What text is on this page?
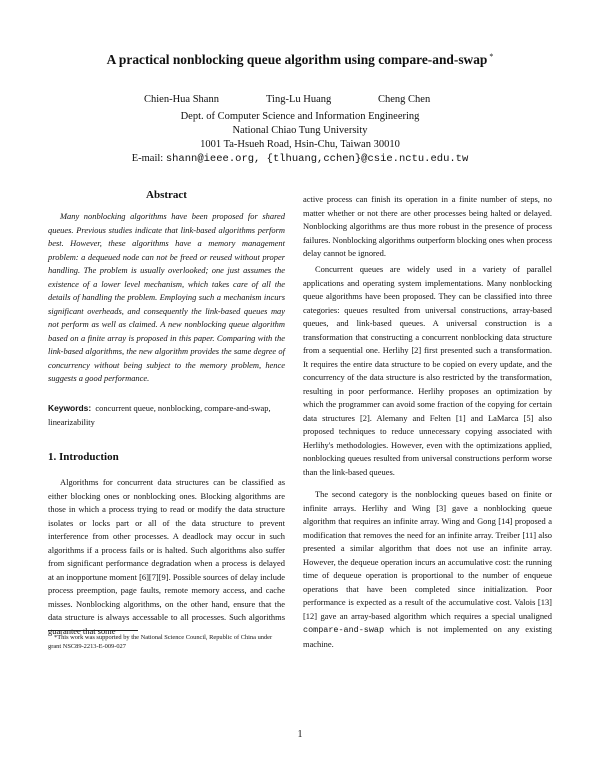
A practical nonblocking queue algorithm using compare-and-swap *
Chien-Hua Shann	Ting-Lu Huang	Cheng Chen
Dept. of Computer Science and Information Engineering
National Chiao Tung University
1001 Ta-Hsueh Road, Hsin-Chu, Taiwan 30010
E-mail: shann@ieee.org, {tlhuang,cchen}@csie.nctu.edu.tw
Abstract

Many nonblocking algorithms have been proposed for shared queues. Previous studies indicate that link-based algorithms perform best. However, these algorithms have a memory management problem: a dequeued node can not be freed or reused without proper handling. The problem is usually overlooked; one just assumes the existence of a lower level mechanism, which takes care of all the details of handling the problem. Employing such a mechanism incurs significant overheads, and consequently the link-based queues may not perform as well as claimed. A new nonblocking queue algorithm based on a finite array is proposed in this paper. Comparing with the link-based algorithms, the new algorithm provides the same degree of concurrency without being subject to the memory problem, hence suggests a good performance.

Keywords: concurrent queue, nonblocking, compare-and-swap, linearizability

1. Introduction

Algorithms for concurrent data structures can be classified as either blocking ones or nonblocking ones. Blocking algorithms are those in which a process trying to read or modify the data structure isolates or locks part or all of the data structure to prevent interference from other processes. A deadlock may occur in such algorithms if a process fails or is halted. Such algorithms also suffer from significant performance degradation when a process is delayed at an inopportune moment [6][7][9]. Possible sources of delay include process preemption, page faults, remote memory access, and cache misses. Nonblocking algorithms, on the other hand, ensure that the data structure is always accessable to all processes. Such algorithms guarantee that some

*This work was supported by the National Science Council, Republic of China under grant NSC89-2213-E-009-027

active process can finish its operation in a finite number of steps, no matter whether or not there are other processes being halted or delayed. Nonblocking algorithms are thus more robust in the presence of process failures. Nonblocking algorithms outperform blocking ones when process delay cannot be ignored.

Concurrent queues are widely used in a variety of parallel applications and operating system implementations. Many nonblocking queue algorithms have been proposed. They can be classified into three categories: queues resulted from universal constructions, array-based queues, and link-based queues. A universal construction is a transformation that constructing a concurrent nonblocking data structure from a sequential one. Herlihy [2] first presented such a transformation. It requires the entire data structure to be copied on every update, and the concurrency of the data structure is also restricted by the transformation, resulting in poor performance. Herlihy proposes an optimization by which the programmer can avoid some fraction of the copying for certain data structures [2]. Alemany and Felten [1] and LaMarca [5] also proposed techniques to reduce unnecessary copying associated with Herlihy's methodologies. However, even with the optimizations applied, nonblocking queues resulted from universal constructions perform worse than the link-based queues.

The second category is the nonblocking queues based on finite or infinite arrays. Herlihy and Wing [3] gave a nonblocking queue algorithm that requires an infinite array. Wing and Gong [14] proposed a modification that removes the need for an infinite array. Treiber [11] also presented a similar algorithm that does not use an infinite array. However, the dequeue operation incurs an accumulative cost: the running time of dequeue operation is proportional to the number of enqueue operations that have been completed since initialization. Poor performance is expected as a result of the accumulative cost. Valois [13][12] gave an array-based algorithm which requires a special unaligned compare-and-swap which is not implemented on any existing machine.

1
